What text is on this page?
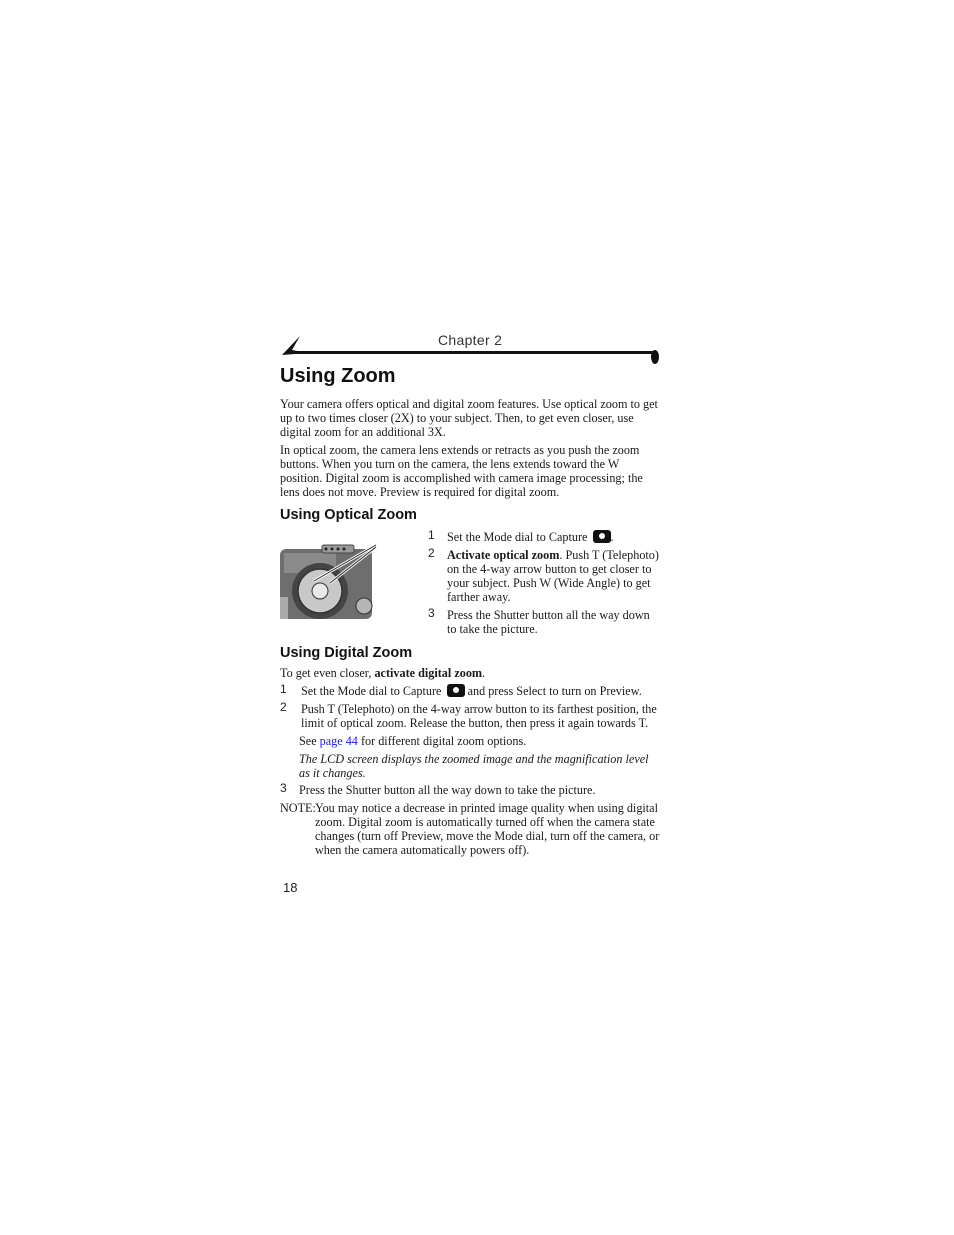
Chapter 2
Using Zoom

Your camera offers optical and digital zoom features. Use optical zoom to get up to two times closer (2X) to your subject. Then, to get even closer, use digital zoom for an additional 3X.

In optical zoom, the camera lens extends or retracts as you push the zoom buttons. When you turn on the camera, the lens extends toward the W position. Digital zoom is accomplished with camera image processing; the lens does not move. Preview is required for digital zoom.

Using Optical Zoom
1 Set the Mode dial to Capture .

2 Activate optical zoom. Push T (Telephoto) on the 4-way arrow button to get closer to your subject. Push W (Wide Angle) to get farther away.

3 Press the Shutter button all the way down to take the picture.

Using Digital Zoom

To get even closer, activate digital zoom.

1 Set the Mode dial to Capture and press Select to turn on Preview.

2 Push T (Telephoto) on the 4-way arrow button to its farthest position, the limit of optical zoom. Release the button, then press it again towards T.

See page 44 for different digital zoom options.

The LCD screen displays the zoomed image and the magnification level as it changes.

3 Press the Shutter button all the way down to take the picture.

NOTE: You may notice a decrease in printed image quality when using digital zoom. Digital zoom is automatically turned off when the camera state changes (turn off Preview, move the Mode dial, turn off the camera, or when the camera automatically powers off).

18
